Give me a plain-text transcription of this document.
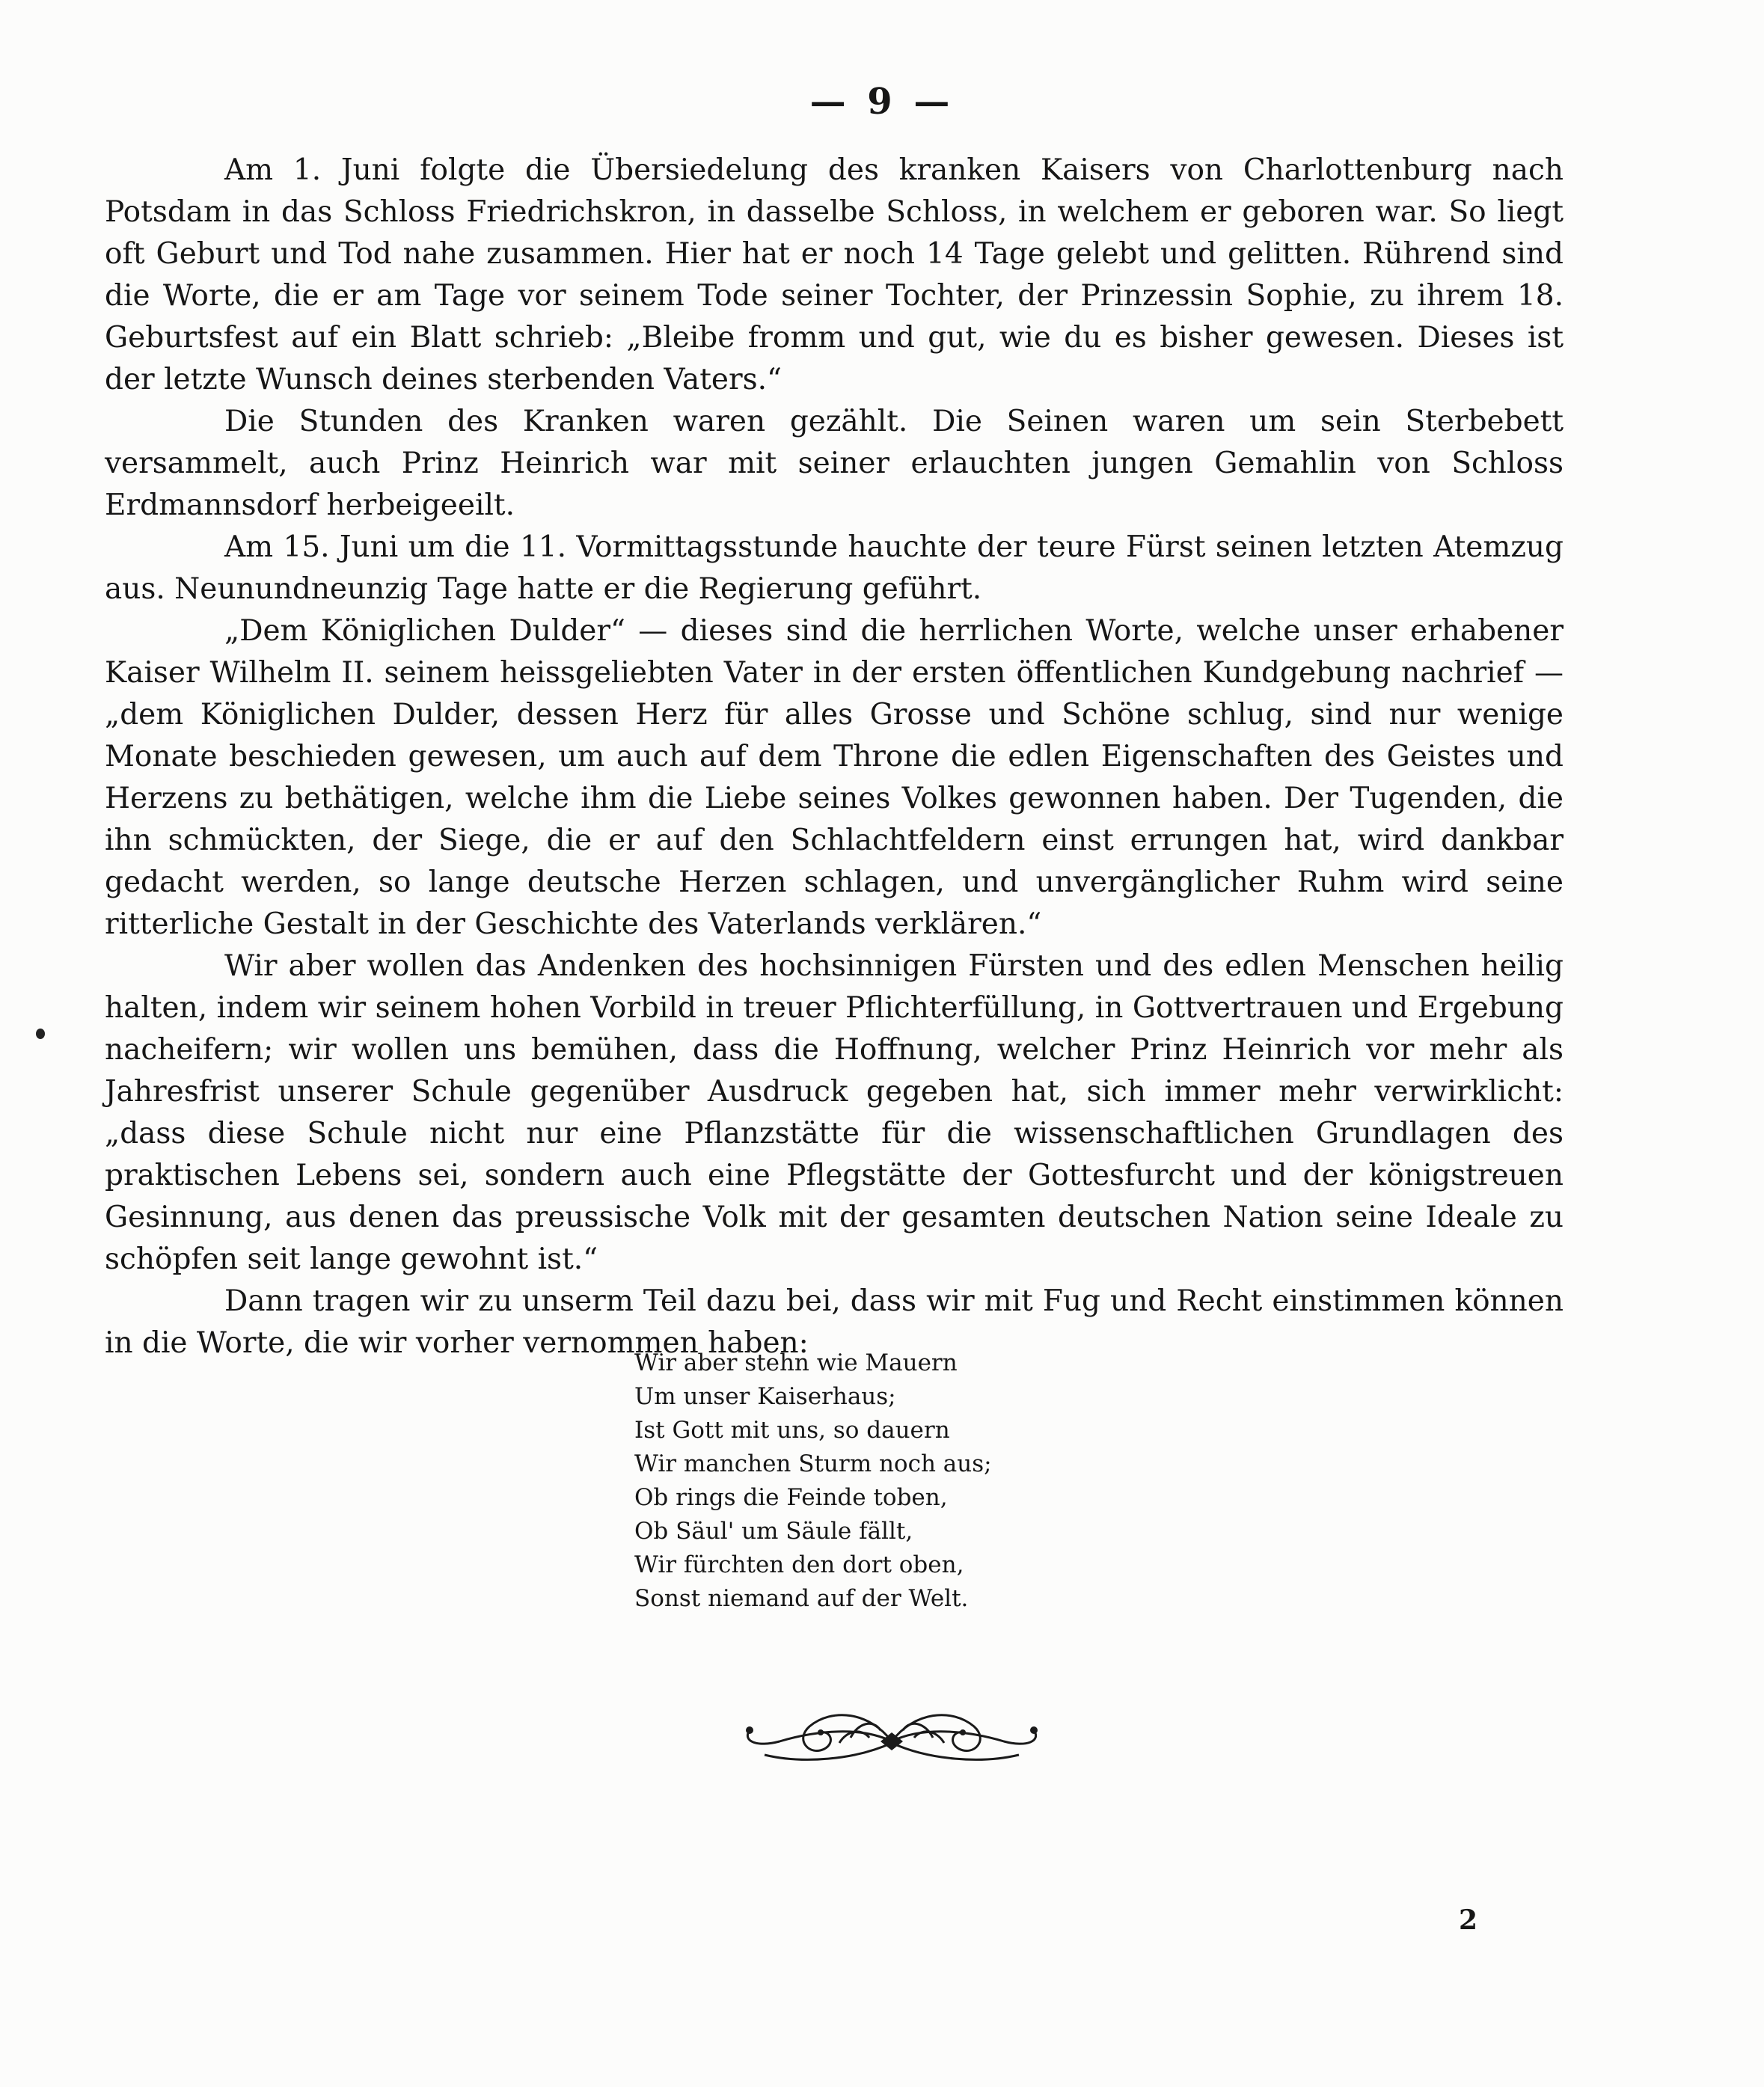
— 9 —

Am 1. Juni folgte die Übersiedelung des kranken Kaisers von Charlottenburg nach Potsdam in das Schloss Friedrichskron, in dasselbe Schloss, in welchem er geboren war. So liegt oft Geburt und Tod nahe zusammen. Hier hat er noch 14 Tage gelebt und gelitten. Rührend sind die Worte, die er am Tage vor seinem Tode seiner Tochter, der Prinzessin Sophie, zu ihrem 18. Geburtsfest auf ein Blatt schrieb: „Bleibe fromm und gut, wie du es bisher gewesen. Dieses ist der letzte Wunsch deines sterbenden Vaters.“

Die Stunden des Kranken waren gezählt. Die Seinen waren um sein Sterbebett versammelt, auch Prinz Heinrich war mit seiner erlauchten jungen Gemahlin von Schloss Erdmannsdorf herbeigeeilt.

Am 15. Juni um die 11. Vormittagsstunde hauchte der teure Fürst seinen letzten Atemzug aus. Neunundneunzig Tage hatte er die Regierung geführt.

„Dem Königlichen Dulder“ — dieses sind die herrlichen Worte, welche unser erhabener Kaiser Wilhelm II. seinem heissgeliebten Vater in der ersten öffentlichen Kundgebung nachrief — „dem Königlichen Dulder, dessen Herz für alles Grosse und Schöne schlug, sind nur wenige Monate beschieden gewesen, um auch auf dem Throne die edlen Eigenschaften des Geistes und Herzens zu bethätigen, welche ihm die Liebe seines Volkes gewonnen haben. Der Tugenden, die ihn schmückten, der Siege, die er auf den Schlachtfeldern einst errungen hat, wird dankbar gedacht werden, so lange deutsche Herzen schlagen, und unvergänglicher Ruhm wird seine ritterliche Gestalt in der Geschichte des Vaterlands verklären.“

Wir aber wollen das Andenken des hochsinnigen Fürsten und des edlen Menschen heilig halten, indem wir seinem hohen Vorbild in treuer Pflichterfüllung, in Gottvertrauen und Ergebung nacheifern; wir wollen uns bemühen, dass die Hoffnung, welcher Prinz Heinrich vor mehr als Jahresfrist unserer Schule gegenüber Ausdruck gegeben hat, sich immer mehr verwirklicht: „dass diese Schule nicht nur eine Pflanzstätte für die wissenschaftlichen Grundlagen des praktischen Lebens sei, sondern auch eine Pflegstätte der Gottesfurcht und der königstreuen Gesinnung, aus denen das preussische Volk mit der gesamten deutschen Nation seine Ideale zu schöpfen seit lange gewohnt ist.“

Dann tragen wir zu unserm Teil dazu bei, dass wir mit Fug und Recht einstimmen können in die Worte, die wir vorher vernommen haben:

Wir aber stehn wie Mauern
Um unser Kaiserhaus;
Ist Gott mit uns, so dauern
Wir manchen Sturm noch aus;
Ob rings die Feinde toben,
Ob Säul' um Säule fällt,
Wir fürchten den dort oben,
Sonst niemand auf der Welt.
2
